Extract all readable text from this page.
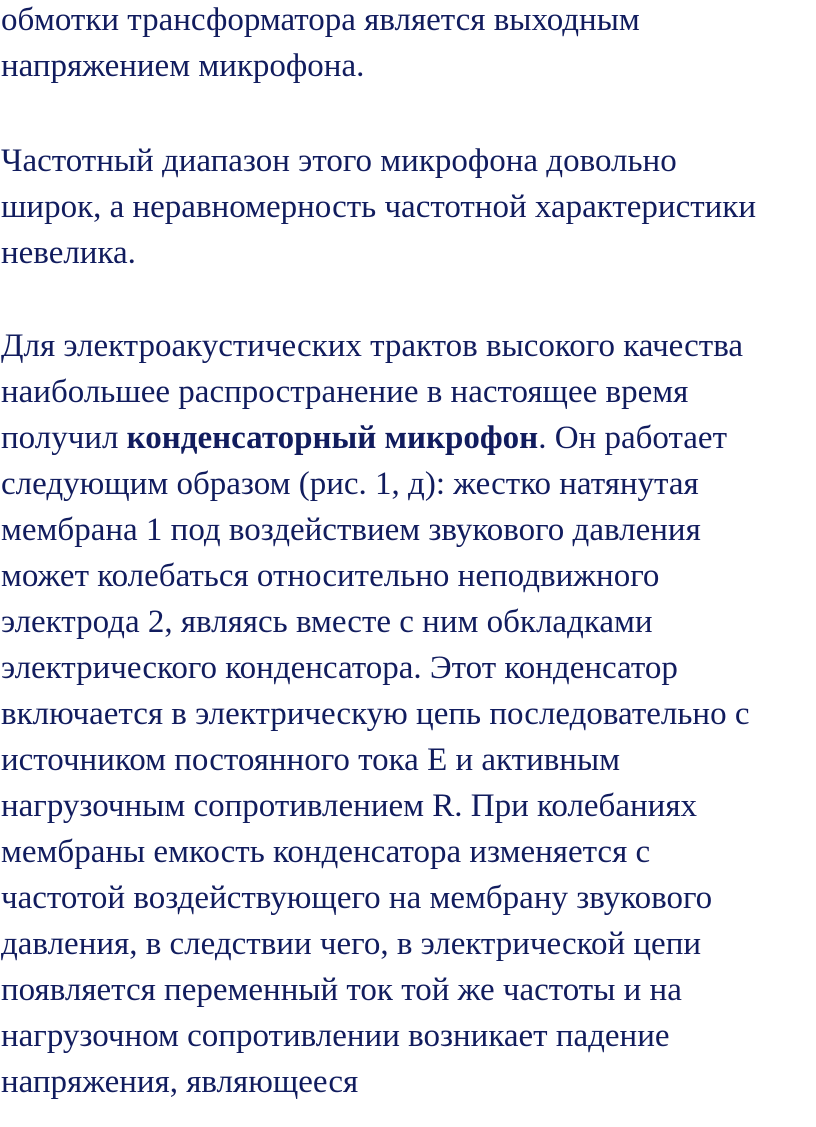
обмотки трансформатора является выходным
напряжением микрофона.

Частотный диапазон этого микрофона довольно
широк, а неравномерность частотной характеристики
невелика.

Для электроакустических трактов высокого качества
наибольшее распространение в настоящее время
получил конденсаторный микрофон. Он работает
следующим образом (рис. 1, д): жестко натянутая
мембрана 1 под воздействием звукового давления
может колебаться относительно неподвижного
электрода 2, являясь вместе с ним обкладками
электрического конденсатора. Этот конденсатор
включается в электрическую цепь последовательно с
источником постоянного тока Е и активным
нагрузочным сопротивлением R. При колебаниях
мембраны емкость конденсатора изменяется с
частотой воздействующего на мембрану звукового
давления, в следствии чего, в электрической цепи
появляется переменный ток той же частоты и на
нагрузочном сопротивлении возникает падение
напряжения, являющееся
